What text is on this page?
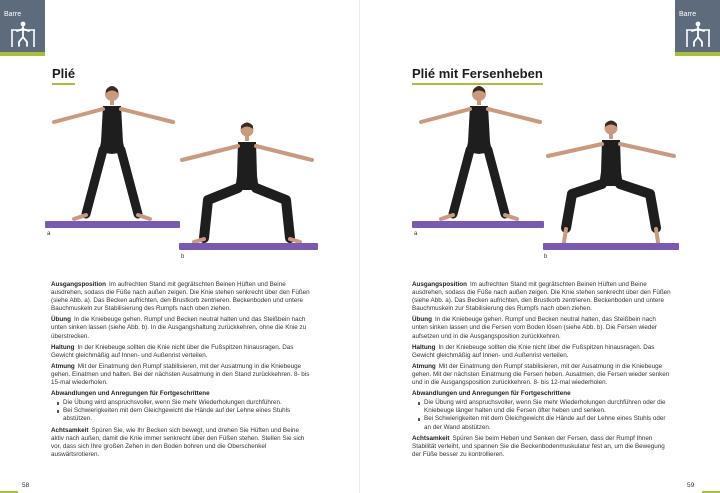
Barre
Plié
a
b

Ausgangsposition Im aufrechten Stand mit gegrätschten Beinen Hüften und Beine ausdrehen, sodass die Füße nach außen zeigen. Die Knie stehen senkrecht über den Füßen (siehe Abb. a). Das Becken aufrichten, den Brustkorb zentrieren. Beckenboden und untere Bauchmuskeln zur Stabilisierung des Rumpfs nach oben ziehen.

Übung In die Kniebeuge gehen. Rumpf und Becken neutral halten und das Steißbein nach unten sinken lassen (siehe Abb. b). In die Ausgangshaltung zurückkehren, ohne die Knie zu überstrecken.

Haltung In der Kniebeuge sollten die Knie nicht über die Fußspitzen hinausragen. Das Gewicht gleichmäßig auf Innen- und Außenrist verteilen.

Atmung Mit der Einatmung den Rumpf stabilisieren, mit der Ausatmung in die Kniebeuge gehen. Einatmen und halten. Bei der nächsten Ausatmung in den Stand zurückkehren. 8- bis 15-mal wiederholen.

Abwandlungen und Anregungen für Fortgeschrittene
Die Übung wird anspruchsvoller, wenn Sie mehr Wiederholungen durchführen.
Bei Schwierigkeiten mit dem Gleichgewicht die Hände auf der Lehne eines Stuhls abstützen.

Achtsamkeit Spüren Sie, wie Ihr Becken sich bewegt, und drehen Sie Hüften und Beine aktiv nach außen, damit die Knie immer senkrecht über den Füßen stehen. Stellen Sie sich vor, dass sich Ihre großen Zehen in den Boden bohren und die Oberschenkel auswärtsrotieren.

58
Barre
Plié mit Fersenheben
a
b

Ausgangsposition Im aufrechten Stand mit gegrätschten Beinen Hüften und Beine ausdrehen, sodass die Füße nach außen zeigen. Die Knie stehen senkrecht über den Füßen (siehe Abb. a). Das Becken aufrichten, den Brustkorb zentrieren. Beckenboden und untere Bauchmuskeln zur Stabilisierung des Rumpfs nach oben ziehen.

Übung In die Kniebeuge gehen. Rumpf und Becken neutral halten, das Steißbein nach unten sinken lassen und die Fersen vom Boden lösen (siehe Abb. b). Die Fersen wieder aufsetzen und in die Ausgangsposition zurückkehren.

Haltung In der Kniebeuge sollten die Knie nicht über die Fußspitzen hinausragen. Das Gewicht gleichmäßig auf Innen- und Außenrist verteilen.

Atmung Mit der Einatmung den Rumpf stabilisieren, mit der Ausatmung in die Kniebeuge gehen. Mit der nächsten Einatmung die Fersen heben. Ausatmen, die Fersen wieder senken und in die Ausgangsposition zurückkehren. 8- bis 12-mal wiederholen.

Abwandlungen und Anregungen für Fortgeschrittene
Die Übung wird anspruchsvoller, wenn Sie mehr Wiederholungen durchführen oder die Kniebeuge länger halten und die Fersen öfter heben und senken.
Bei Schwierigkeiten mit dem Gleichgewicht die Hände auf der Lehne eines Stuhls oder an der Wand abstützen.

Achtsamkeit Spüren Sie beim Heben und Senken der Fersen, dass der Rumpf Ihnen Stabilität verleiht, und spannen Sie die Beckenbodenmuskulatur fest an, um die Bewegung der Füße besser zu kontrollieren.

59
